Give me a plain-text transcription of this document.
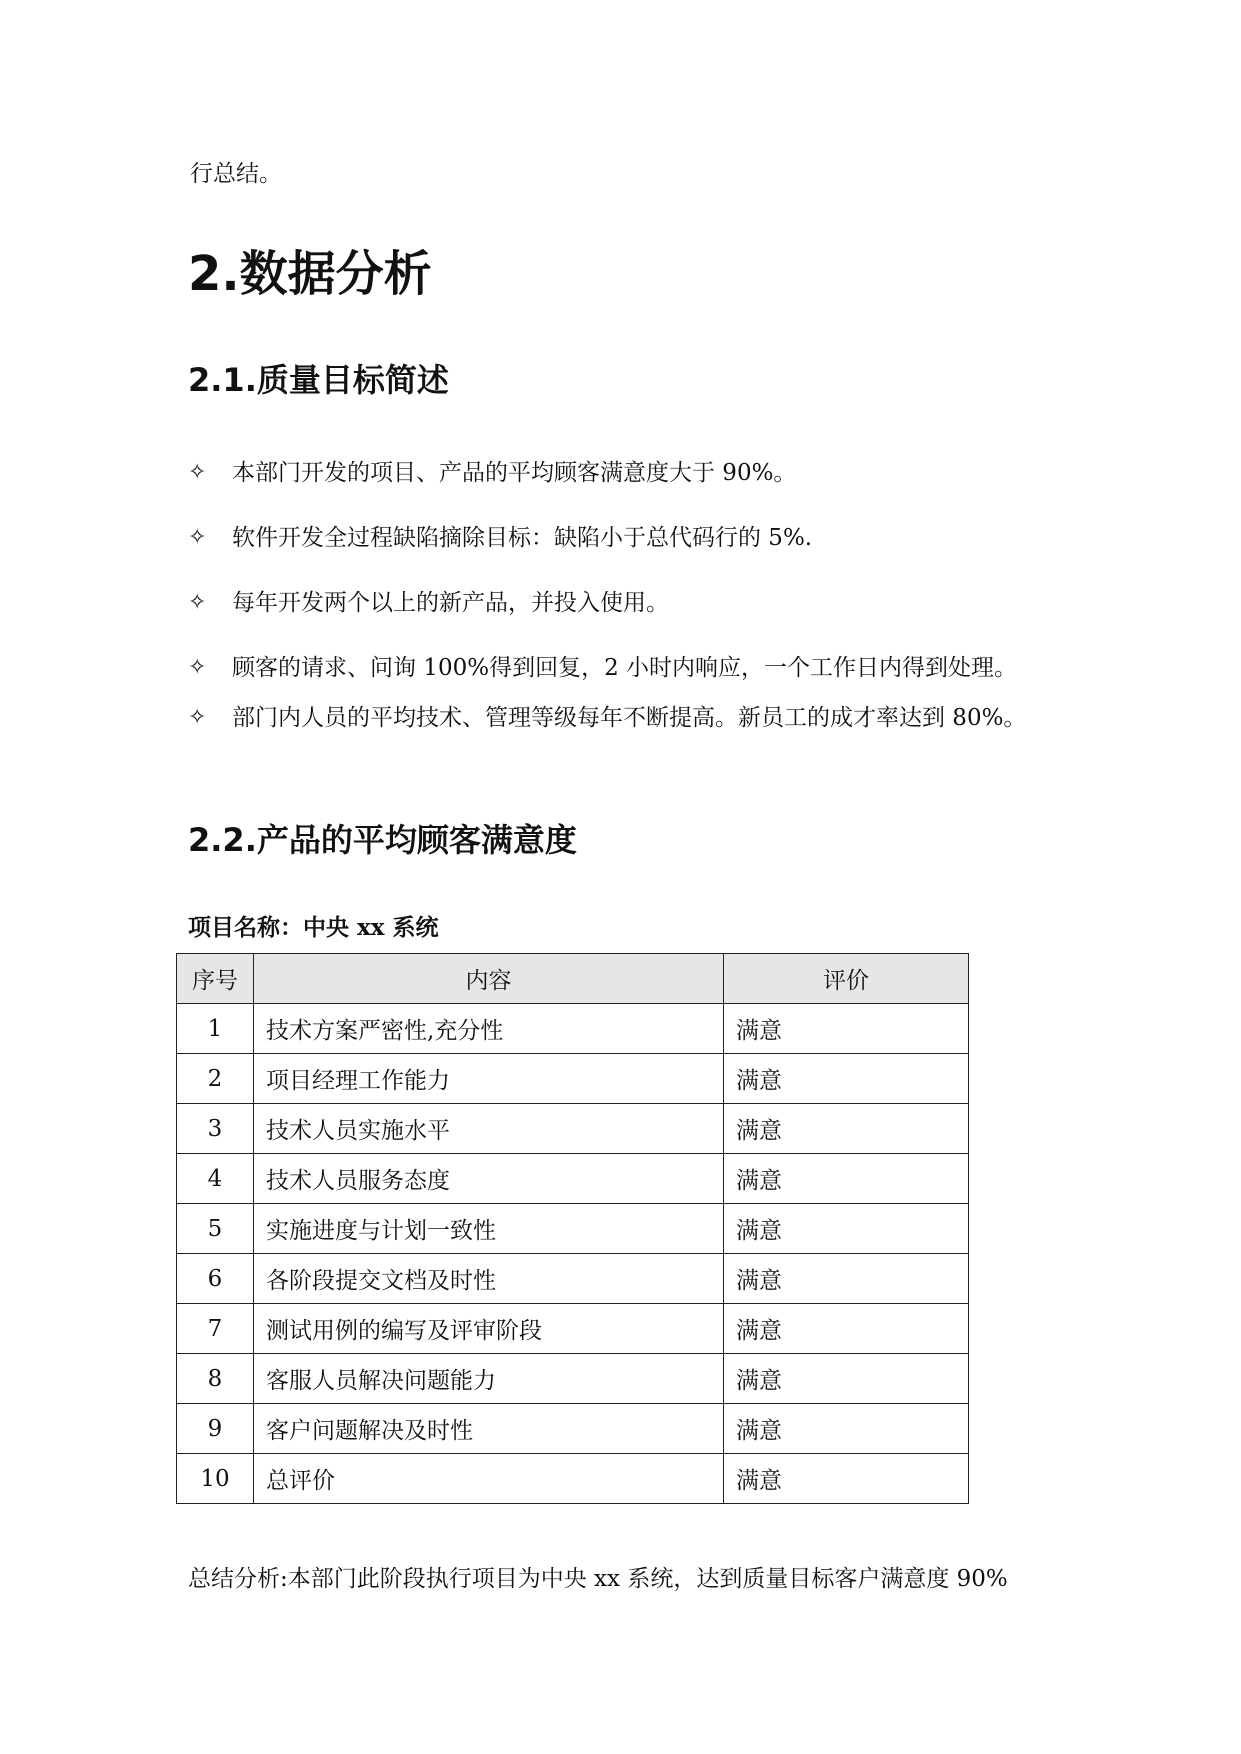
行总结。
2.数据分析
2.1.质量目标简述
✧ 本部门开发的项目、产品的平均顾客满意度大于 90%。
✧ 软件开发全过程缺陷摘除目标：缺陷小于总代码行的 5%.
✧ 每年开发两个以上的新产品，并投入使用。
✧ 顾客的请求、问询 100%得到回复，2 小时内响应，一个工作日内得到处理。
✧ 部门内人员的平均技术、管理等级每年不断提高。新员工的成才率达到 80%。
2.2.产品的平均顾客满意度
项目名称：中央 xx 系统
序号	内容	评价
1	技术方案严密性,充分性	满意
2	项目经理工作能力	满意
3	技术人员实施水平	满意
4	技术人员服务态度	满意
5	实施进度与计划一致性	满意
6	各阶段提交文档及时性	满意
7	测试用例的编写及评审阶段	满意
8	客服人员解决问题能力	满意
9	客户问题解决及时性	满意
10	总评价	满意
总结分析:本部门此阶段执行项目为中央 xx 系统，达到质量目标客户满意度 90%
